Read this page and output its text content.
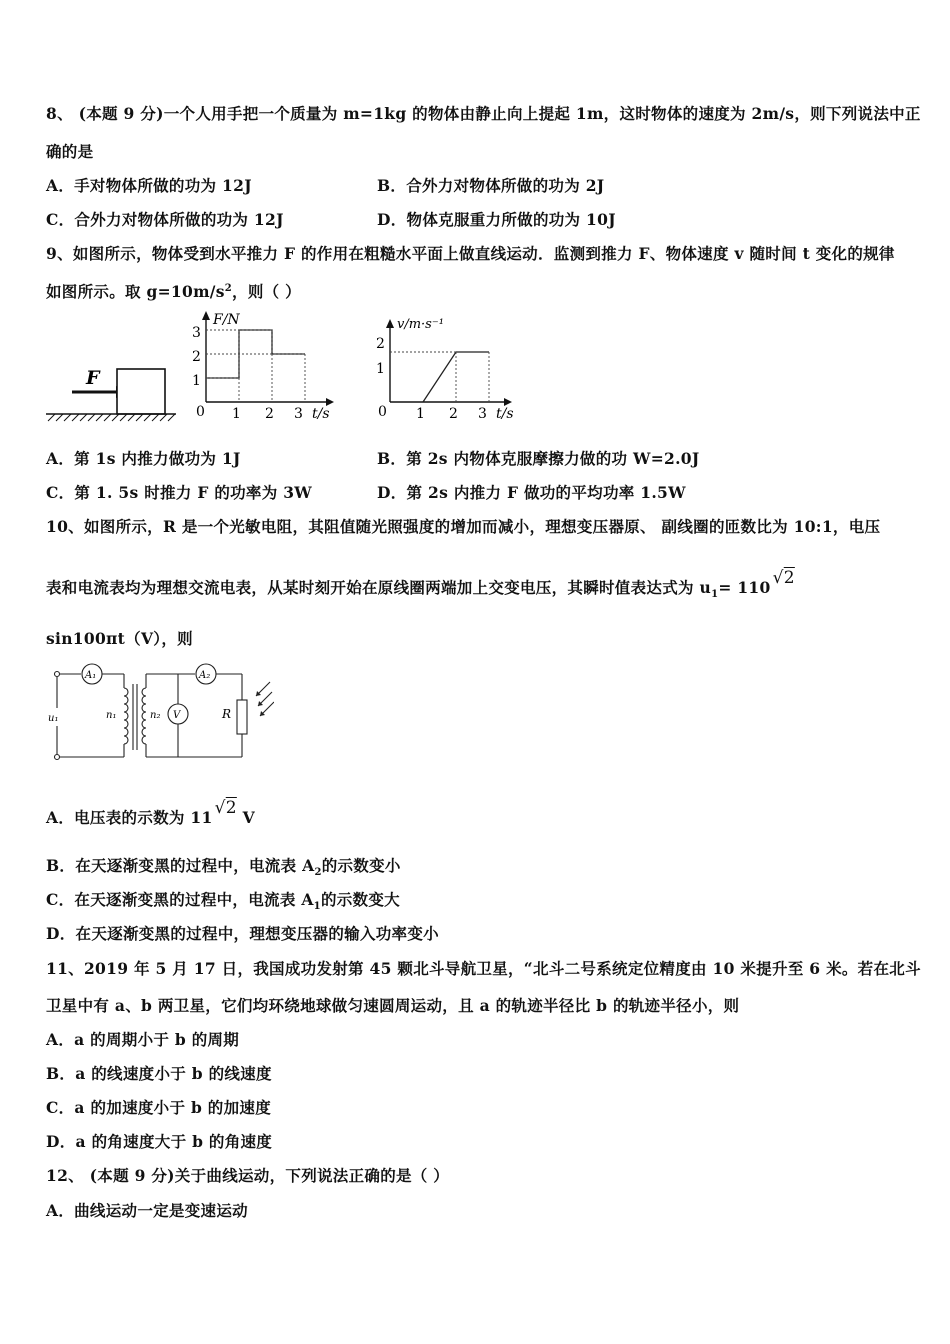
8、 (本题 9 分)一个人用手把一个质量为 m=1kg 的物体由静止向上提起 1m，这时物体的速度为 2m/s，则下列说法中正
确的是
A．手对物体所做的功为 12J	B．合外力对物体所做的功为 2J
C．合外力对物体所做的功为 12J	D．物体克服重力所做的功为 10J
9、如图所示，物体受到水平推力 F 的作用在粗糙水平面上做直线运动．监测到推力 F、物体速度 v 随时间 t 变化的规律
如图所示。取 $g=10m/s^2$，则（ ）
F
F/N
t/s
3
2
1
0 1 2 3
v/m·s⁻¹
t/s
2
1
0 1 2 3
A．第 1s 内推力做功为 1J	B．第 2s 内物体克服摩擦力做的功 W=2.0J
C．第 1. 5s 时推力 F 的功率为 3W	D．第 2s 内推力 F 做功的平均功率 1.5W
10、如图所示，R 是一个光敏电阻，其阻值随光照强度的增加而减小，理想变压器原、 副线圈的匝数比为 10:1，电压
表和电流表均为理想交流电表，从某时刻开始在原线圈两端加上交变电压，其瞬时值表达式为 $u_1= 110$ √2
sin100πt（V），则
A₁	A₂
V
u₁	n₁	n₂	R
A．电压表的示数为 11 √2 V
B．在天逐渐变黑的过程中，电流表 $A_2$的示数变小
C．在天逐渐变黑的过程中，电流表 $A_1$的示数变大
D．在天逐渐变黑的过程中，理想变压器的输入功率变小
11、2019 年 5 月 17 日，我国成功发射第 45 颗北斗导航卫星，“北斗二号系统定位精度由 10 米提升至 6 米。若在北斗
卫星中有 a、b 两卫星，它们均环绕地球做匀速圆周运动，且 a 的轨迹半径比 b 的轨迹半径小，则
A．a 的周期小于 b 的周期
B．a 的线速度小于 b 的线速度
C．a 的加速度小于 b 的加速度
D．a 的角速度大于 b 的角速度
12、 (本题 9 分)关于曲线运动，下列说法正确的是（ ）
A．曲线运动一定是变速运动
